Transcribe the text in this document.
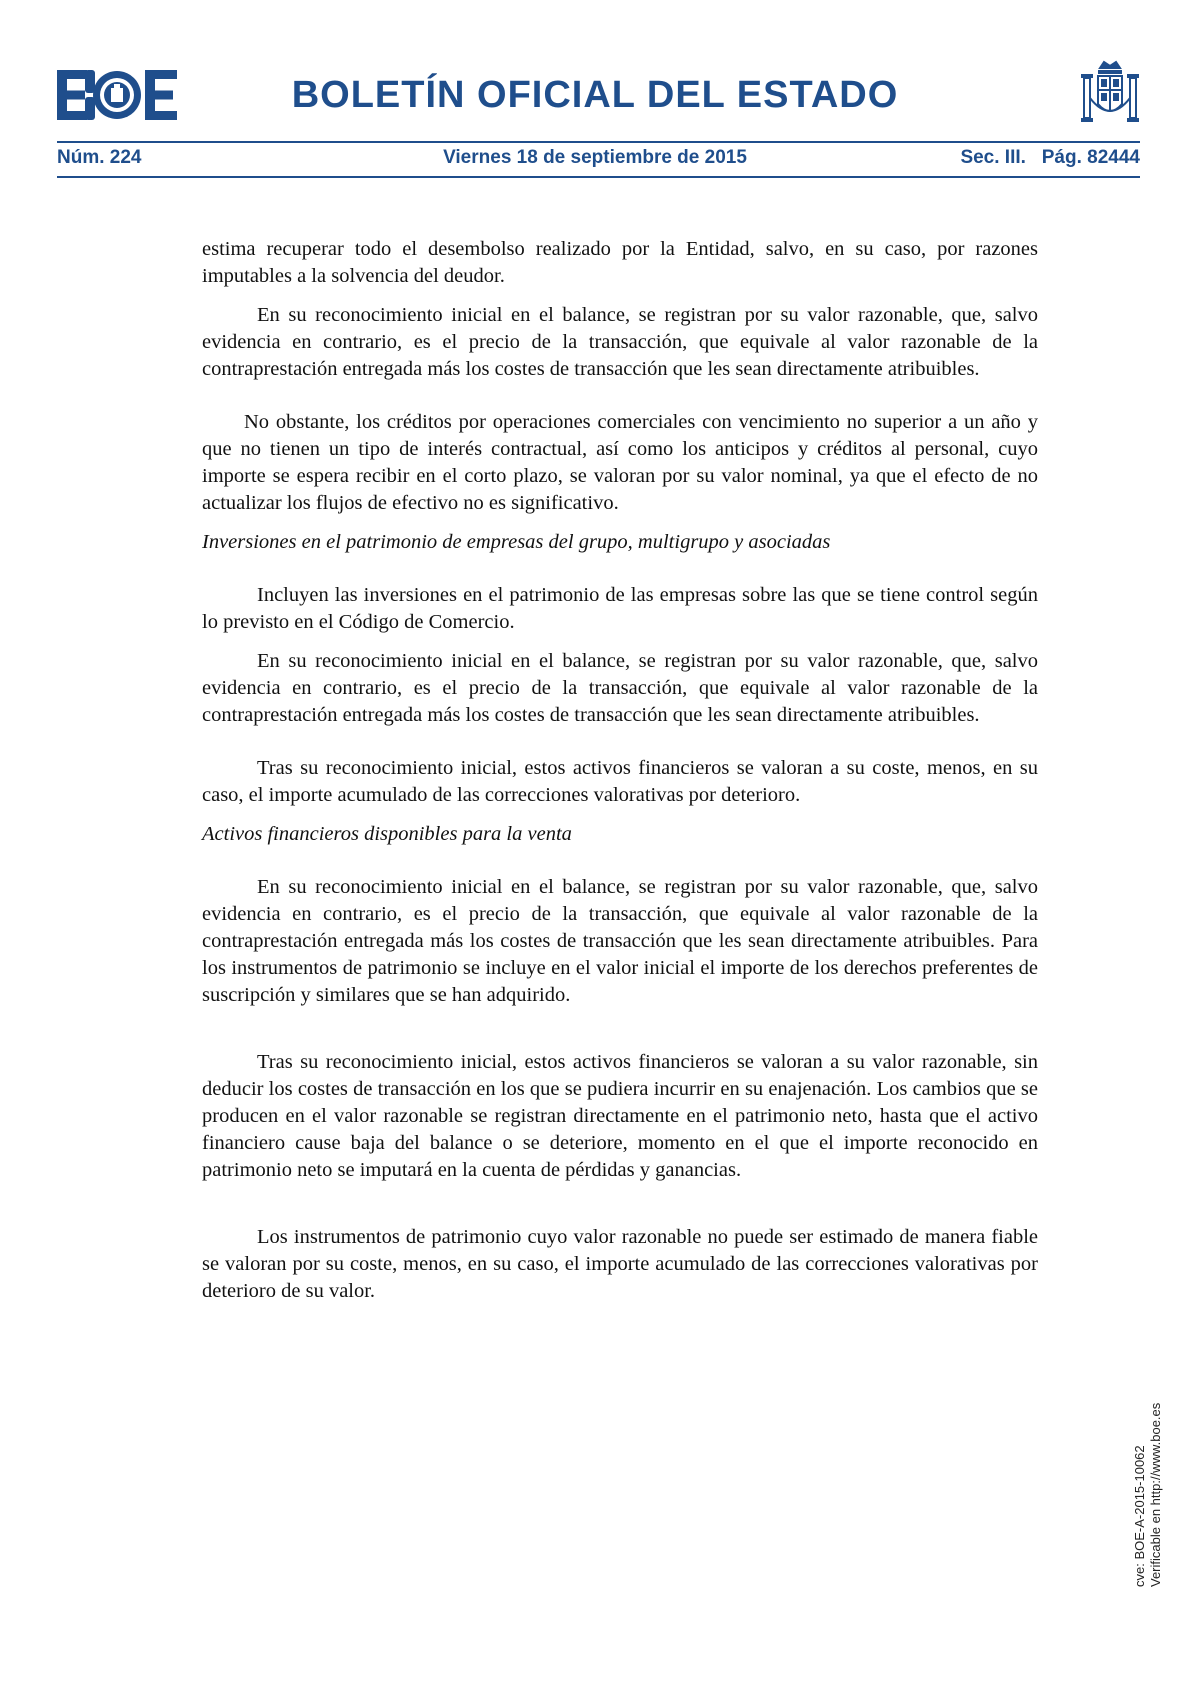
BOLETÍN OFICIAL DEL ESTADO
Núm. 224	Viernes 18 de septiembre de 2015	Sec. III.   Pág. 82444

estima recuperar todo el desembolso realizado por la Entidad, salvo, en su caso, por razones imputables a la solvencia del deudor.

En su reconocimiento inicial en el balance, se registran por su valor razonable, que, salvo evidencia en contrario, es el precio de la transacción, que equivale al valor razonable de la contraprestación entregada más los costes de transacción que les sean directamente atribuibles.

No obstante, los créditos por operaciones comerciales con vencimiento no superior a un año y que no tienen un tipo de interés contractual, así como los anticipos y créditos al personal, cuyo importe se espera recibir en el corto plazo, se valoran por su valor nominal, ya que el efecto de no actualizar los flujos de efectivo no es significativo.

Inversiones en el patrimonio de empresas del grupo, multigrupo y asociadas

Incluyen las inversiones en el patrimonio de las empresas sobre las que se tiene control según lo previsto en el Código de Comercio.

En su reconocimiento inicial en el balance, se registran por su valor razonable, que, salvo evidencia en contrario, es el precio de la transacción, que equivale al valor razonable de la contraprestación entregada más los costes de transacción que les sean directamente atribuibles.

Tras su reconocimiento inicial, estos activos financieros se valoran a su coste, menos, en su caso, el importe acumulado de las correcciones valorativas por deterioro.

Activos financieros disponibles para la venta

En su reconocimiento inicial en el balance, se registran por su valor razonable, que, salvo evidencia en contrario, es el precio de la transacción, que equivale al valor razonable de la contraprestación entregada más los costes de transacción que les sean directamente atribuibles. Para los instrumentos de patrimonio se incluye en el valor inicial el importe de los derechos preferentes de suscripción y similares que se han adquirido.

Tras su reconocimiento inicial, estos activos financieros se valoran a su valor razonable, sin deducir los costes de transacción en los que se pudiera incurrir en su enajenación. Los cambios que se producen en el valor razonable se registran directamente en el patrimonio neto, hasta que el activo financiero cause baja del balance o se deteriore, momento en el que el importe reconocido en patrimonio neto se imputará en la cuenta de pérdidas y ganancias.

Los instrumentos de patrimonio cuyo valor razonable no puede ser estimado de manera fiable se valoran por su coste, menos, en su caso, el importe acumulado de las correcciones valorativas por deterioro de su valor.

cve: BOE-A-2015-10062 Verificable en http://www.boe.es
